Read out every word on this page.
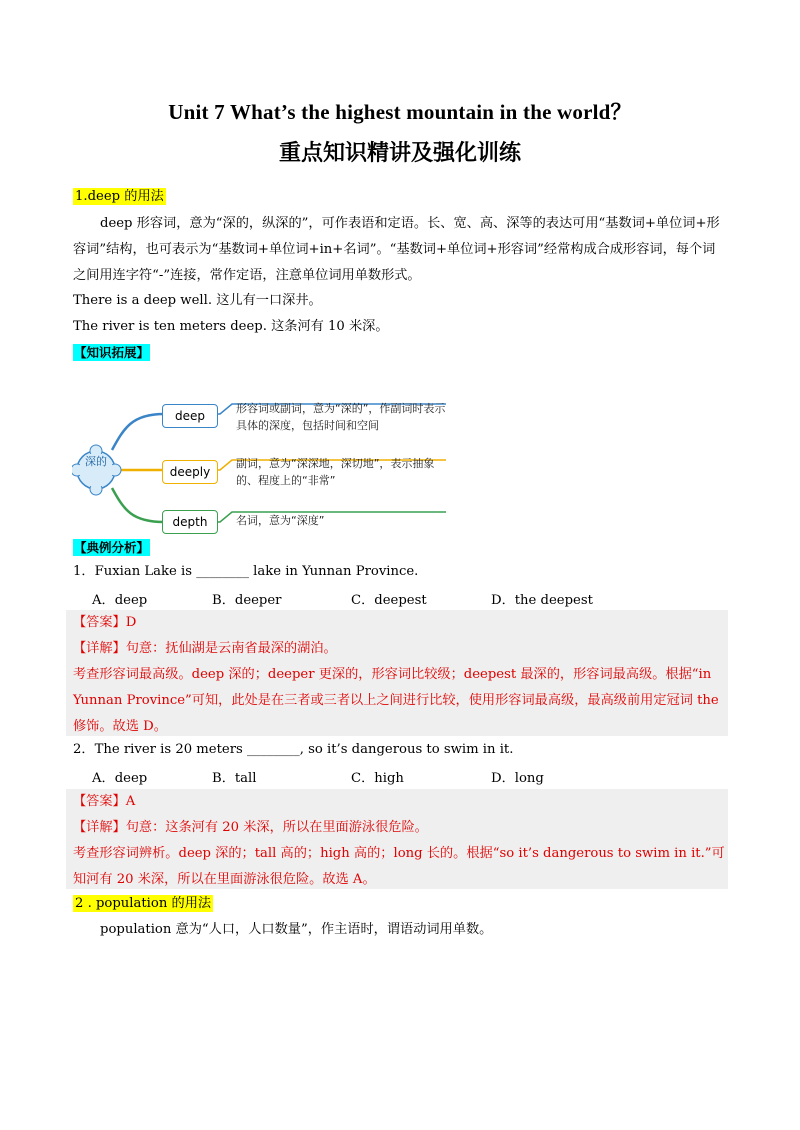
Unit 7 What’s the highest mountain in the world？
重点知识精讲及强化训练
1.deep 的用法
deep 形容词，意为“深的，纵深的”，可作表语和定语。长、宽、高、深等的表达可用“基数词+单位词+形容词”结构，也可表示为“基数词+单位词+in+名词”。“基数词+单位词+形容词”经常构成合成形容词，每个词之间用连字符“-”连接，常作定语，注意单位词用单数形式。
There is a deep well. 这儿有一口深井。
The river is ten meters deep. 这条河有 10 米深。
【知识拓展】
深的
deep
deeply
depth
形容词或副词，意为“深的”，作副词时表示具体的深度，包括时间和空间
副词，意为“深深地，深切地”，表示抽象的、程度上的“非常”
名词，意为“深度”
【典例分析】
1．Fuxian Lake is ________ lake in Yunnan Province.
A．deep	B．deeper	C．deepest	D．the deepest
【答案】D
【详解】句意：抚仙湖是云南省最深的湖泊。
考查形容词最高级。deep 深的；deeper 更深的，形容词比较级；deepest 最深的，形容词最高级。根据“in Yunnan Province”可知，此处是在三者或三者以上之间进行比较，使用形容词最高级，最高级前用定冠词 the 修饰。故选 D。
2．The river is 20 meters ________, so it’s dangerous to swim in it.
A．deep	B．tall	C．high	D．long
【答案】A
【详解】句意：这条河有 20 米深，所以在里面游泳很危险。
考查形容词辨析。deep 深的；tall 高的；high 高的；long 长的。根据“so it’s dangerous to swim in it.”可知河有 20 米深，所以在里面游泳很危险。故选 A。
2 . population 的用法
population 意为“人口，人口数量”，作主语时，谓语动词用单数。
